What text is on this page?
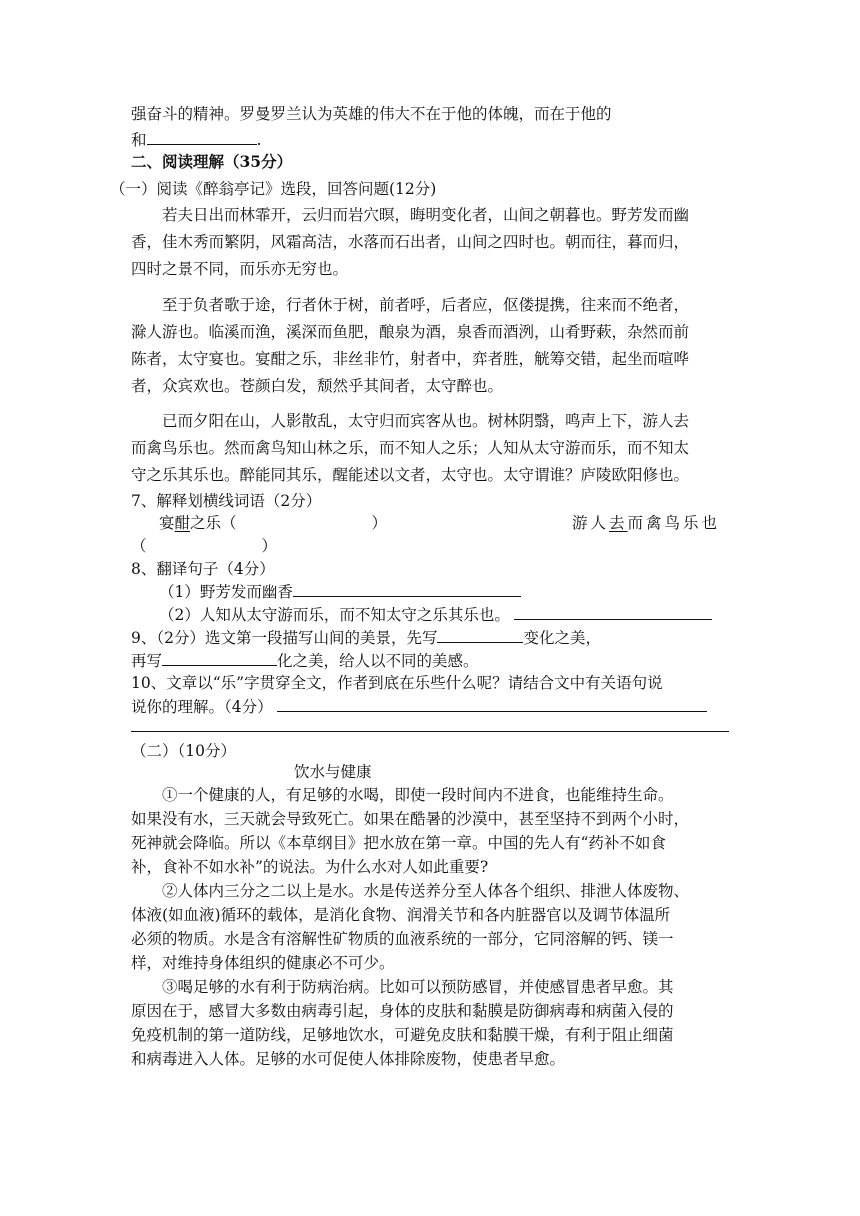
强奋斗的精神。罗曼罗兰认为英雄的伟大不在于他的体魄，而在于他的
和	.
二、阅读理解（35分）
（一）阅读《醉翁亭记》选段，回答问题(12分)
若夫日出而林霏开，云归而岩穴暝，晦明变化者，山间之朝暮也。野芳发而幽
香，佳木秀而繁阴，风霜高洁，水落而石出者，山间之四时也。朝而往，暮而归，
四时之景不同，而乐亦无穷也。
至于负者歌于途，行者休于树，前者呼，后者应，伛偻提携，往来而不绝者，
滁人游也。临溪而渔，溪深而鱼肥，酿泉为酒，泉香而酒洌，山肴野蔌，杂然而前
陈者，太守宴也。宴酣之乐，非丝非竹，射者中，弈者胜，觥筹交错，起坐而喧哗
者，众宾欢也。苍颜白发，颓然乎其间者，太守醉也。
已而夕阳在山，人影散乱，太守归而宾客从也。树林阴翳，鸣声上下，游人去
而禽鸟乐也。然而禽鸟知山林之乐，而不知人之乐；人知从太守游而乐，而不知太
守之乐其乐也。醉能同其乐，醒能述以文者，太守也。太守谓谁？庐陵欧阳修也。
7、解释划横线词语（2分）
宴酣之乐（	）	游人去而禽鸟乐也
（	）
8、翻译句子（4分）
（1）野芳发而幽香
（2）人知从太守游而乐，而不知太守之乐其乐也。
9、（2分）选文第一段描写山间的美景，先写	变化之美，
再写	化之美，给人以不同的美感。
10、文章以“乐”字贯穿全文，作者到底在乐些什么呢？请结合文中有关语句说
说你的理解。（4分）
（二）（10分）
饮水与健康
①一个健康的人，有足够的水喝，即使一段时间内不进食，也能维持生命。
如果没有水，三天就会导致死亡。如果在酷暑的沙漠中，甚至坚持不到两个小时，
死神就会降临。所以《本草纲目》把水放在第一章。中国的先人有“药补不如食
补，食补不如水补”的说法。为什么水对人如此重要?
②人体内三分之二以上是水。水是传送养分至人体各个组织、排泄人体废物、
体液(如血液)循环的载体，是消化食物、润滑关节和各内脏器官以及调节体温所
必须的物质。水是含有溶解性矿物质的血液系统的一部分，它同溶解的钙、镁一
样，对维持身体组织的健康必不可少。
③喝足够的水有利于防病治病。比如可以预防感冒，并使感冒患者早愈。其
原因在于，感冒大多数由病毒引起，身体的皮肤和黏膜是防御病毒和病菌入侵的
免疫机制的第一道防线，足够地饮水，可避免皮肤和黏膜干燥，有利于阻止细菌
和病毒进入人体。足够的水可促使人体排除废物，使患者早愈。
